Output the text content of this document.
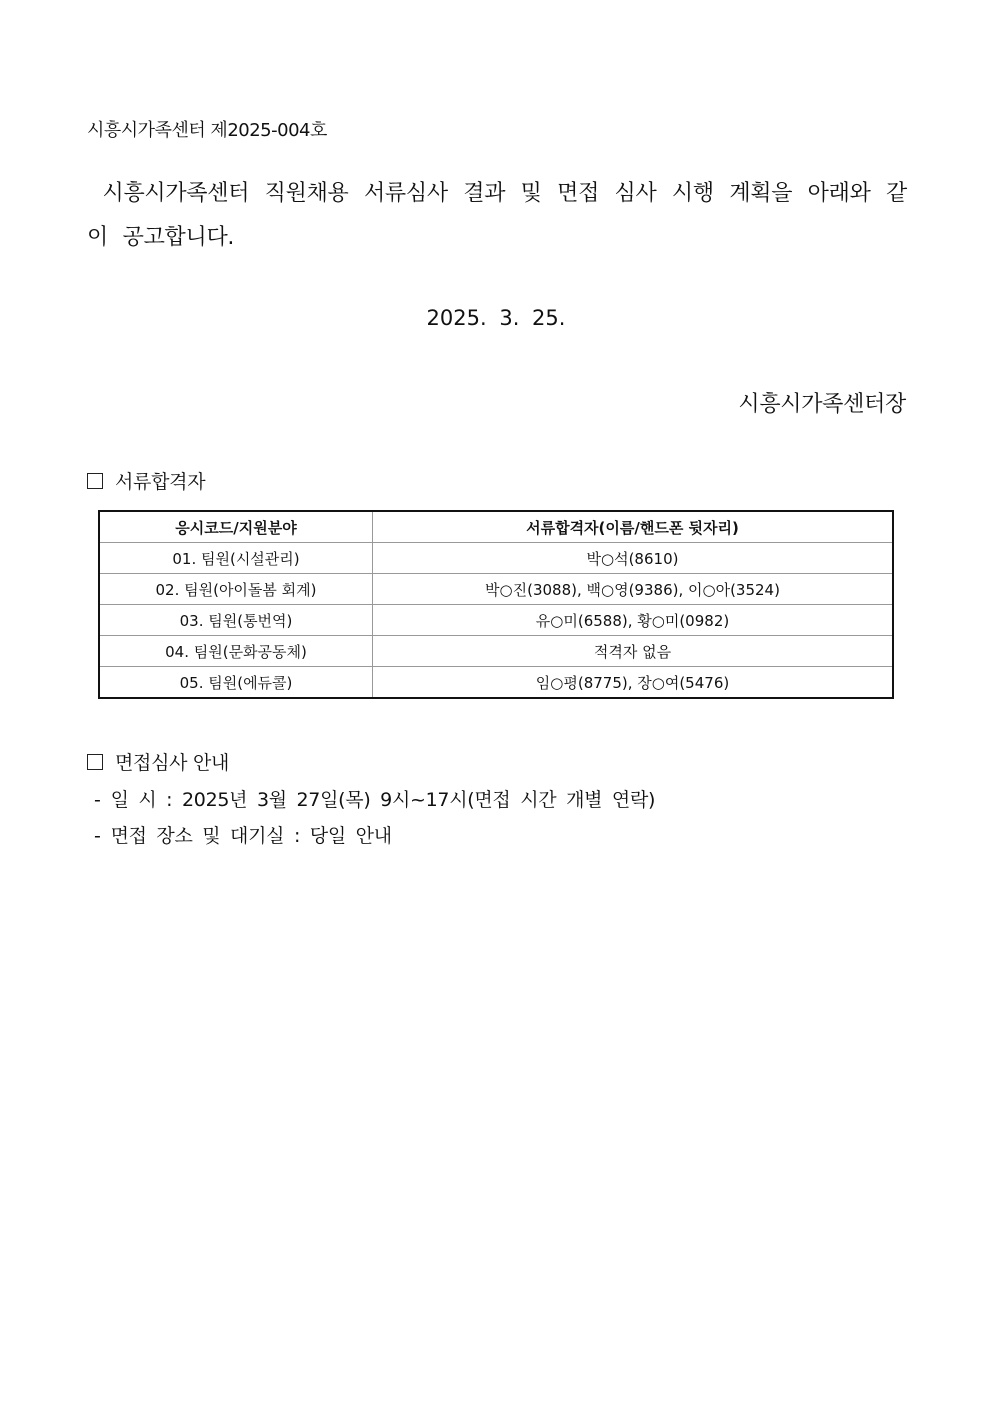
시흥시가족센터 제2025-004호
시흥시가족센터 직원채용 서류심사 결과 및 면접 심사 시행 계획을 아래와 같이 공고합니다.
2025. 3. 25.
시흥시가족센터장
서류합격자
응시코드/지원분야	서류합격자(이름/핸드폰 뒷자리)
01. 팀원(시설관리)	박○석(8610)
02. 팀원(아이돌봄 회계)	박○진(3088), 백○영(9386), 이○아(3524)
03. 팀원(통번역)	유○미(6588), 황○미(0982)
04. 팀원(문화공동체)	적격자 없음
05. 팀원(에듀콜)	임○평(8775), 장○여(5476)
면접심사 안내
- 일 시 : 2025년 3월 27일(목) 9시~17시(면접 시간 개별 연락)
- 면접 장소 및 대기실 : 당일 안내
